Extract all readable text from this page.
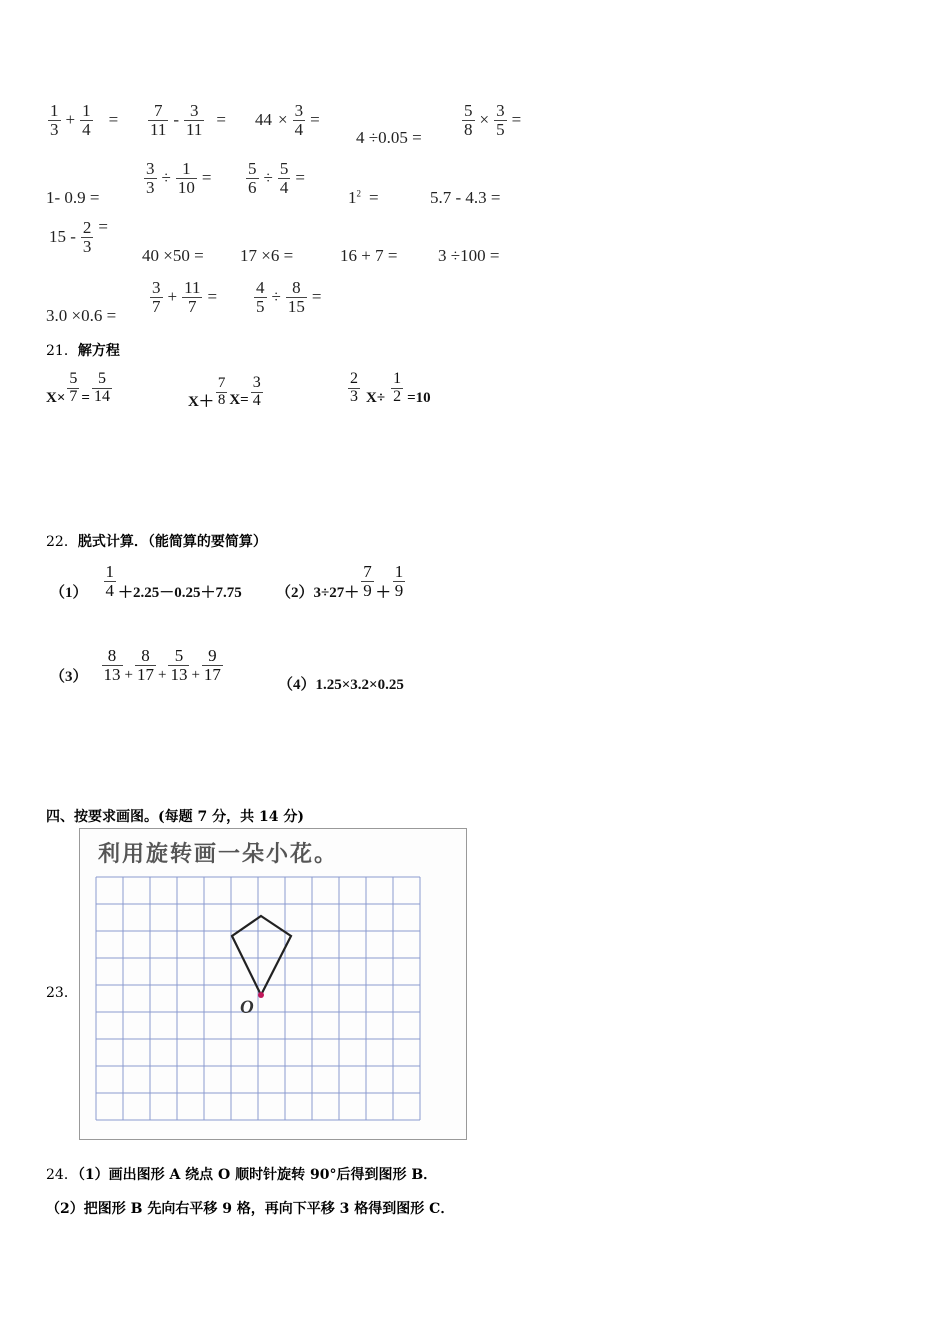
$\frac{1}{3} + \frac{1}{4} = \frac{7}{11} - \frac{3}{11} = 44 \times \frac{3}{4}$ =
$4 \div 0.05 = \frac{5}{8} \times \frac{3}{5}$ =
1- 0.9 =
$\frac{3}{3} \div \frac{1}{10} = \frac{5}{6} \div \frac{5}{4}$ =
$1^2$ =	5.7 - 4.3 =
$15 - \frac{2}{3}$ =
40 ×50 = 17 ×6 =	16 + 7 = 3 ÷100 =
$3.0 \times 0.6 = \frac{3}{7} + \frac{11}{7} = \frac{4}{5} \div \frac{8}{15}$ =
21．解方程
$X\times \frac{5}{7} = \frac{5}{14}$	$X+ \frac{7}{8} X= \frac{3}{4}$	$\frac{2}{3} X\div \frac{1}{2} =10$
22．脱式计算．（能简算的要简算）
$(1) \frac{1}{4} +2.25-0.25+7.75$ $(2)3\div 27+ \frac{7}{9} + \frac{1}{9}$
$(3) \frac{8}{13} + \frac{8}{17} + \frac{5}{13} + \frac{9}{17}$
（4）1.25×3.2×0.25
四、按要求画图。(每题 7 分，共 14 分)
23．
利用旋转画一朵小花。
O
24．（1）画出图形 A 绕点 O 顺时针旋转 90°后得到图形 B．
（2）把图形 B 先向右平移 9 格，再向下平移 3 格得到图形 C．
